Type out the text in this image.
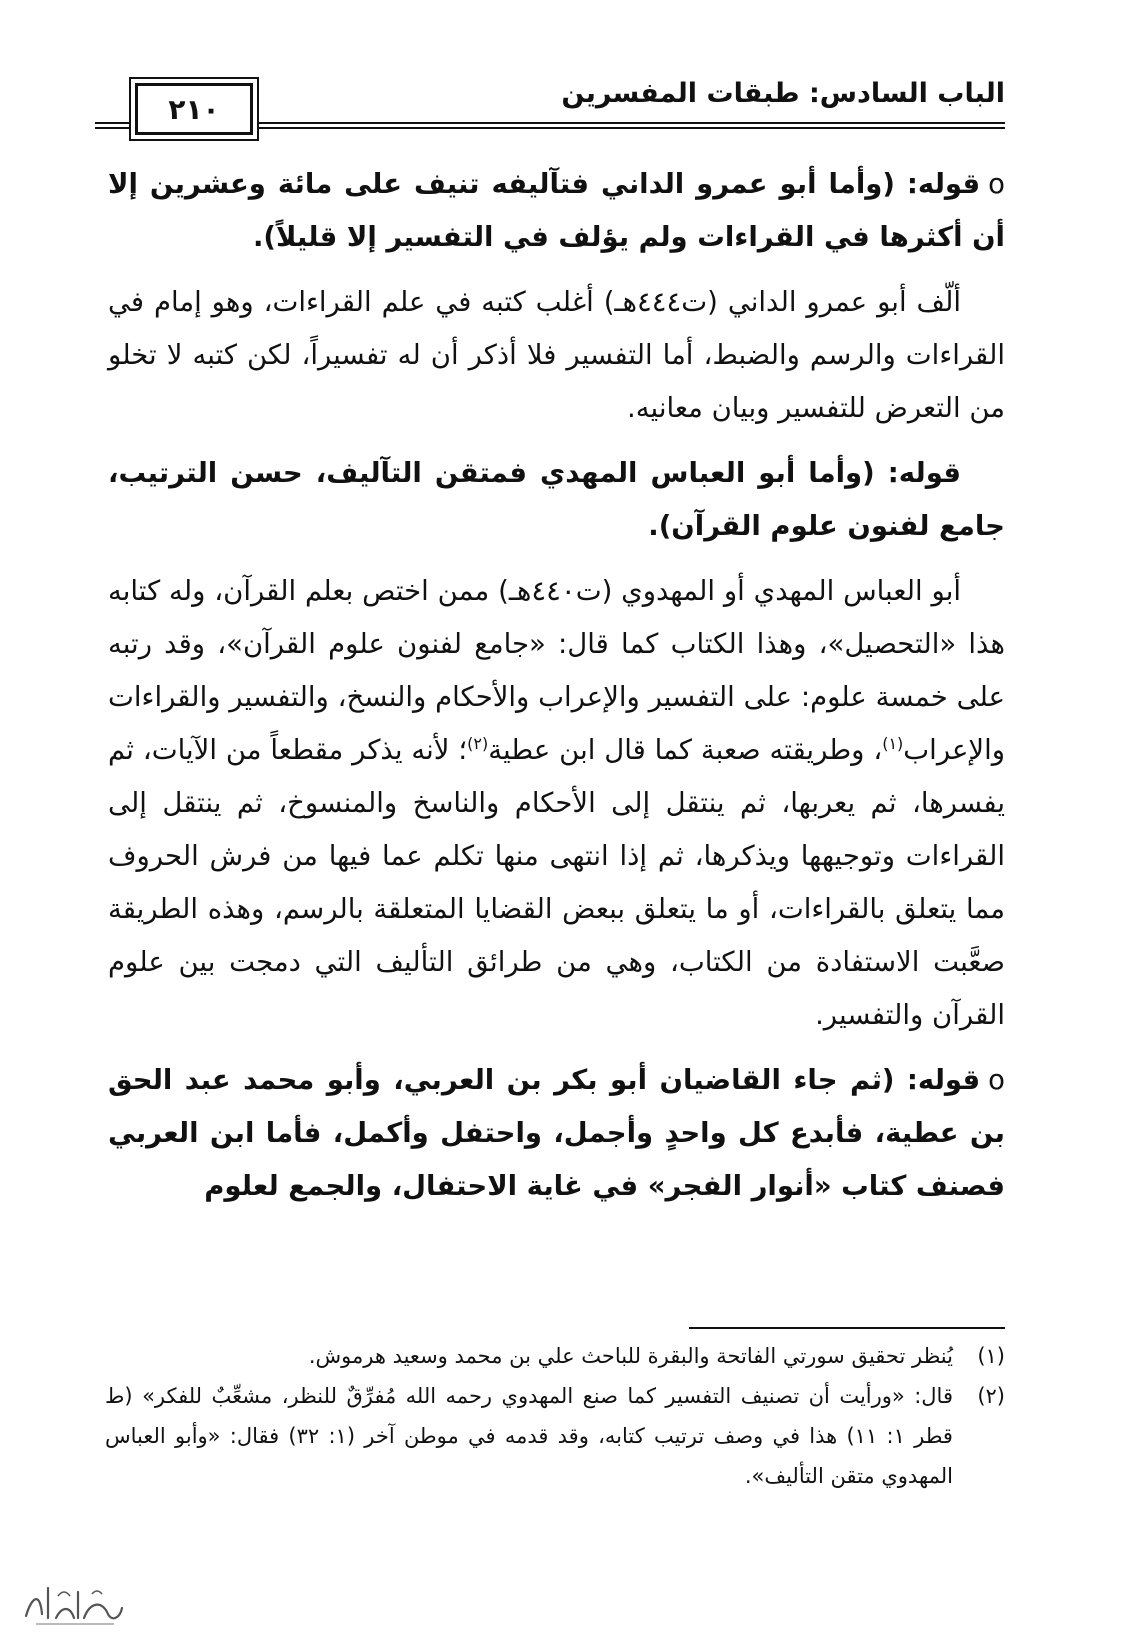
الباب السادس: طبقات المفسرين
٢١٠

oقوله: (وأما أبو عمرو الداني فتآليفه تنيف على مائة وعشرين إلا أن أكثرها في القراءات ولم يؤلف في التفسير إلا قليلاً).

ألّف أبو عمرو الداني (ت٤٤٤هـ) أغلب كتبه في علم القراءات، وهو إمام في القراءات والرسم والضبط، أما التفسير فلا أذكر أن له تفسيراً، لكن كتبه لا تخلو من التعرض للتفسير وبيان معانيه.

قوله: (وأما أبو العباس المهدي فمتقن التآليف، حسن الترتيب، جامع لفنون علوم القرآن).

أبو العباس المهدي أو المهدوي (ت٤٤٠هـ) ممن اختص بعلم القرآن، وله كتابه هذا «التحصيل»، وهذا الكتاب كما قال: «جامع لفنون علوم القرآن»، وقد رتبه على خمسة علوم: على التفسير والإعراب والأحكام والنسخ، والتفسير والقراءات والإعراب$^{(١)}$، وطريقته صعبة كما قال ابن عطية$^{(٢)}$؛ لأنه يذكر مقطعاً من الآيات، ثم يفسرها، ثم يعربها، ثم ينتقل إلى الأحكام والناسخ والمنسوخ، ثم ينتقل إلى القراءات وتوجيهها ويذكرها، ثم إذا انتهى منها تكلم عما فيها من فرش الحروف مما يتعلق بالقراءات، أو ما يتعلق ببعض القضايا المتعلقة بالرسم، وهذه الطريقة صعَّبت الاستفادة من الكتاب، وهي من طرائق التأليف التي دمجت بين علوم القرآن والتفسير.

oقوله: (ثم جاء القاضيان أبو بكر بن العربي، وأبو محمد عبد الحق بن عطية، فأبدع كل واحدٍ وأجمل، واحتفل وأكمل، فأما ابن العربي فصنف كتاب «أنوار الفجر» في غاية الاحتفال، والجمع لعلوم

(١)
يُنظر تحقيق سورتي الفاتحة والبقرة للباحث علي بن محمد وسعيد هرموش.
(٢)
قال: «ورأيت أن تصنيف التفسير كما صنع المهدوي رحمه الله مُفرِّقٌ للنظر، مشعِّبٌ للفكر» (ط قطر ١: ١١) هذا في وصف ترتيب كتابه، وقد قدمه في موطن آخر (١: ٣٢) فقال: «وأبو العباس المهدوي متقن التأليف».
